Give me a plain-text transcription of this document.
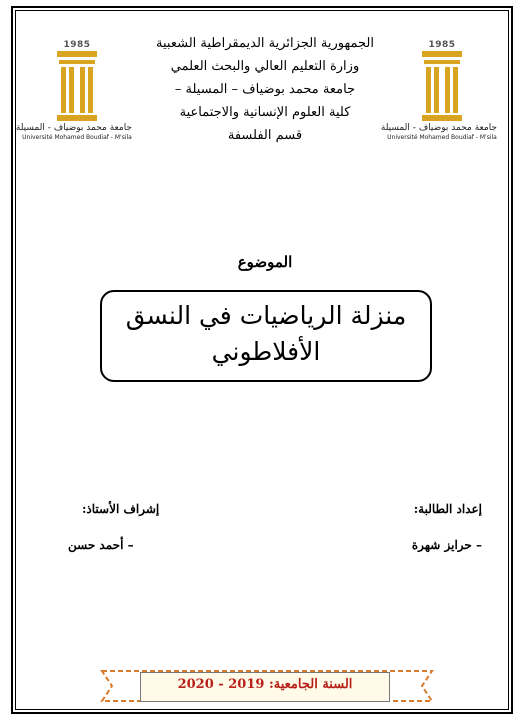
1985
جامعة محمد بوضياف - المسيلة
Université Mohamed Boudiaf - M'sila
1985
جامعة محمد بوضياف - المسيلة
Université Mohamed Boudiaf - M'sila
الجمهورية الجزائرية الديمقراطية الشعبية
وزارة التعليم العالي والبحث العلمي
جامعة محمد بوضياف – المسيلة –
كلية العلوم الإنسانية والاجتماعية
قسم الفلسفة
الموضوع
منزلة الرياضيات في النسق الأفلاطوني
إعداد الطالبة:
– حرايز شهرة
إشراف الأستاذ:
– أحمد حسن
السنة الجامعية: 2019 - 2020
